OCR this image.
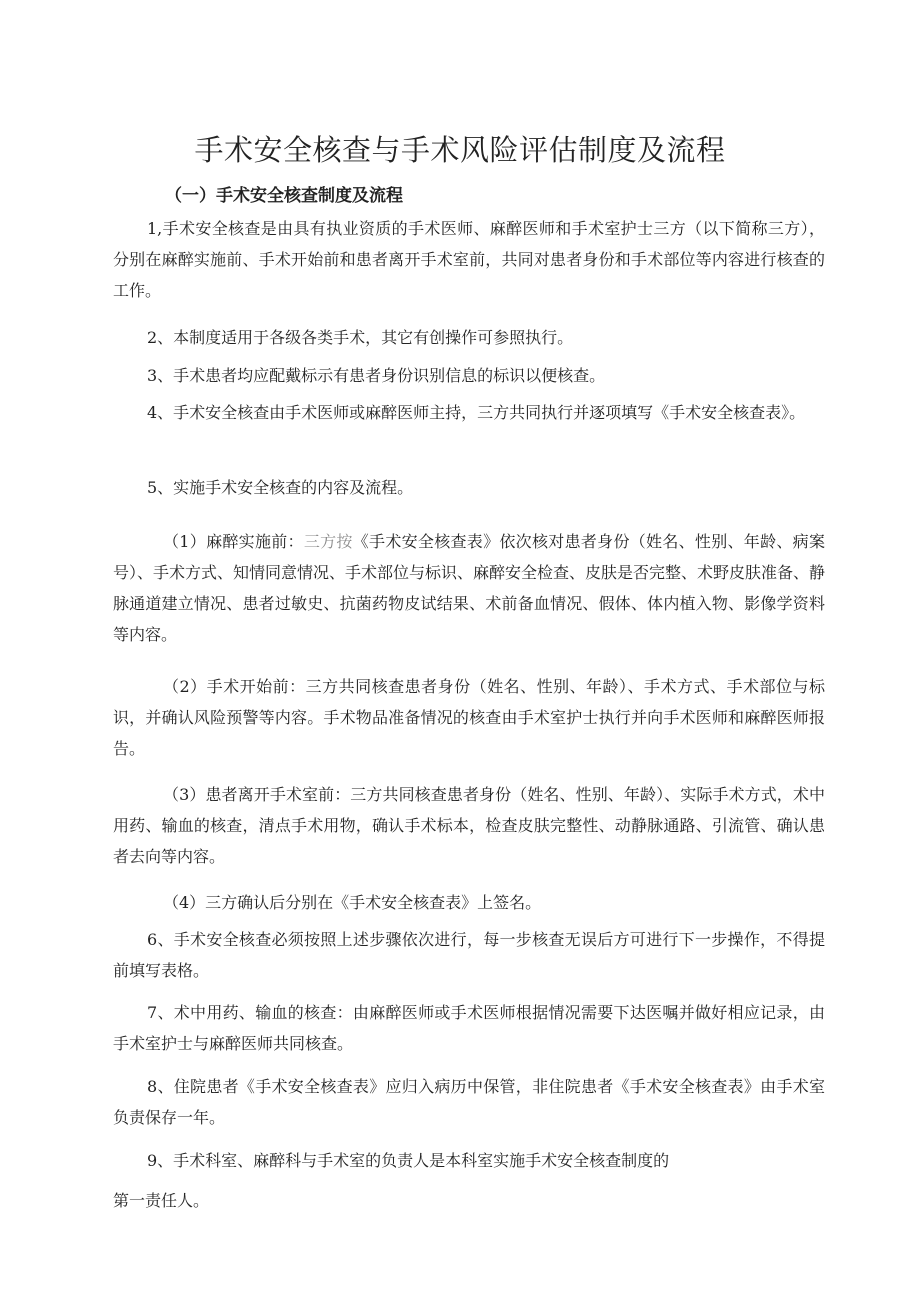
手术安全核查与手术风险评估制度及流程
（一）手术安全核查制度及流程

1,手术安全核查是由具有执业资质的手术医师、麻醉医师和手术室护士三方（以下简称三方），分别在麻醉实施前、手术开始前和患者离开手术室前，共同对患者身份和手术部位等内容进行核查的工作。

2、本制度适用于各级各类手术，其它有创操作可参照执行。

3、手术患者均应配戴标示有患者身份识别信息的标识以便核查。

4、手术安全核查由手术医师或麻醉医师主持，三方共同执行并逐项填写《手术安全核查表》。

5、实施手术安全核查的内容及流程。

（1）麻醉实施前：三方按《手术安全核查表》依次核对患者身份（姓名、性别、年龄、病案号）、手术方式、知情同意情况、手术部位与标识、麻醉安全检查、皮肤是否完整、术野皮肤准备、静脉通道建立情况、患者过敏史、抗菌药物皮试结果、术前备血情况、假体、体内植入物、影像学资料等内容。

（2）手术开始前：三方共同核查患者身份（姓名、性别、年龄）、手术方式、手术部位与标识，并确认风险预警等内容。手术物品准备情况的核查由手术室护士执行并向手术医师和麻醉医师报告。

（3）患者离开手术室前：三方共同核查患者身份（姓名、性别、年龄）、实际手术方式，术中用药、输血的核查，清点手术用物，确认手术标本，检查皮肤完整性、动静脉通路、引流管、确认患者去向等内容。

（4）三方确认后分别在《手术安全核查表》上签名。

6、手术安全核查必须按照上述步骤依次进行，每一步核查无误后方可进行下一步操作，不得提前填写表格。

7、术中用药、输血的核查：由麻醉医师或手术医师根据情况需要下达医嘱并做好相应记录，由手术室护士与麻醉医师共同核查。

8、住院患者《手术安全核查表》应归入病历中保管，非住院患者《手术安全核查表》由手术室负责保存一年。

9、手术科室、麻醉科与手术室的负责人是本科室实施手术安全核查制度的

第一责任人。
